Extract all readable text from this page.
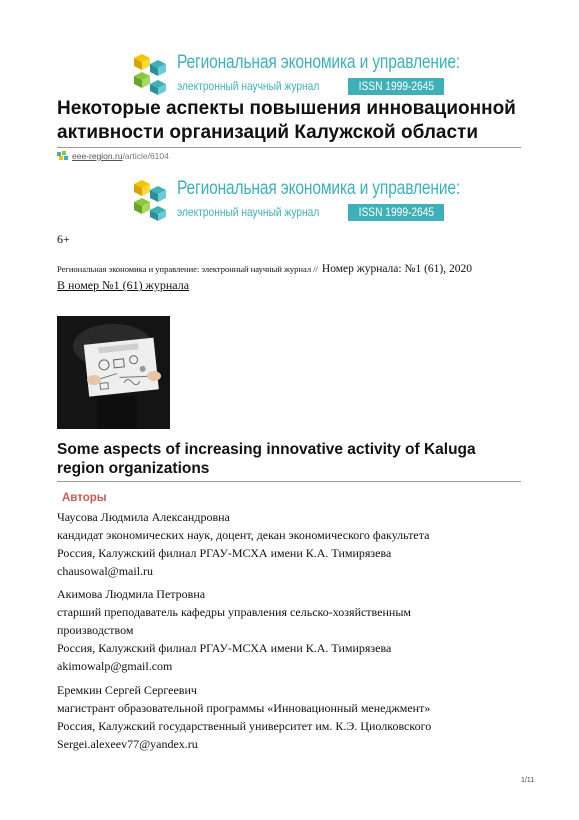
Региональная экономика и управление:
электронный научный журнал	ISSN 1999-2645
Некоторые аспекты повышения инновационной активности организаций Калужской области
eee-region.ru/article/6104
Региональная экономика и управление:
электронный научный журнал	ISSN 1999-2645
6+
Региональная экономика и управление: электронный научный журнал // Номер журнала: №1 (61), 2020
В номер №1 (61) журнала
Some aspects of increasing innovative activity of Kaluga region organizations
Авторы
Чаусова Людмила Александровна
кандидат экономических наук, доцент, декан экономического факультета
Россия, Калужский филиал РГАУ-МСХА имени К.А. Тимирязева
chausowal@mail.ru
Акимова Людмила Петровна
старший преподаватель кафедры управления сельско-хозяйственным
производством
Россия, Калужский филиал РГАУ-МСХА имени К.А. Тимирязева
akimowalp@gmail.com
Еремкин Сергей Сергеевич
магистрант образовательной программы «Инновационный менеджмент»
Россия, Калужский государственный университет им. К.Э. Циолковского
Sergei.alexeev77@yandex.ru
1/11
